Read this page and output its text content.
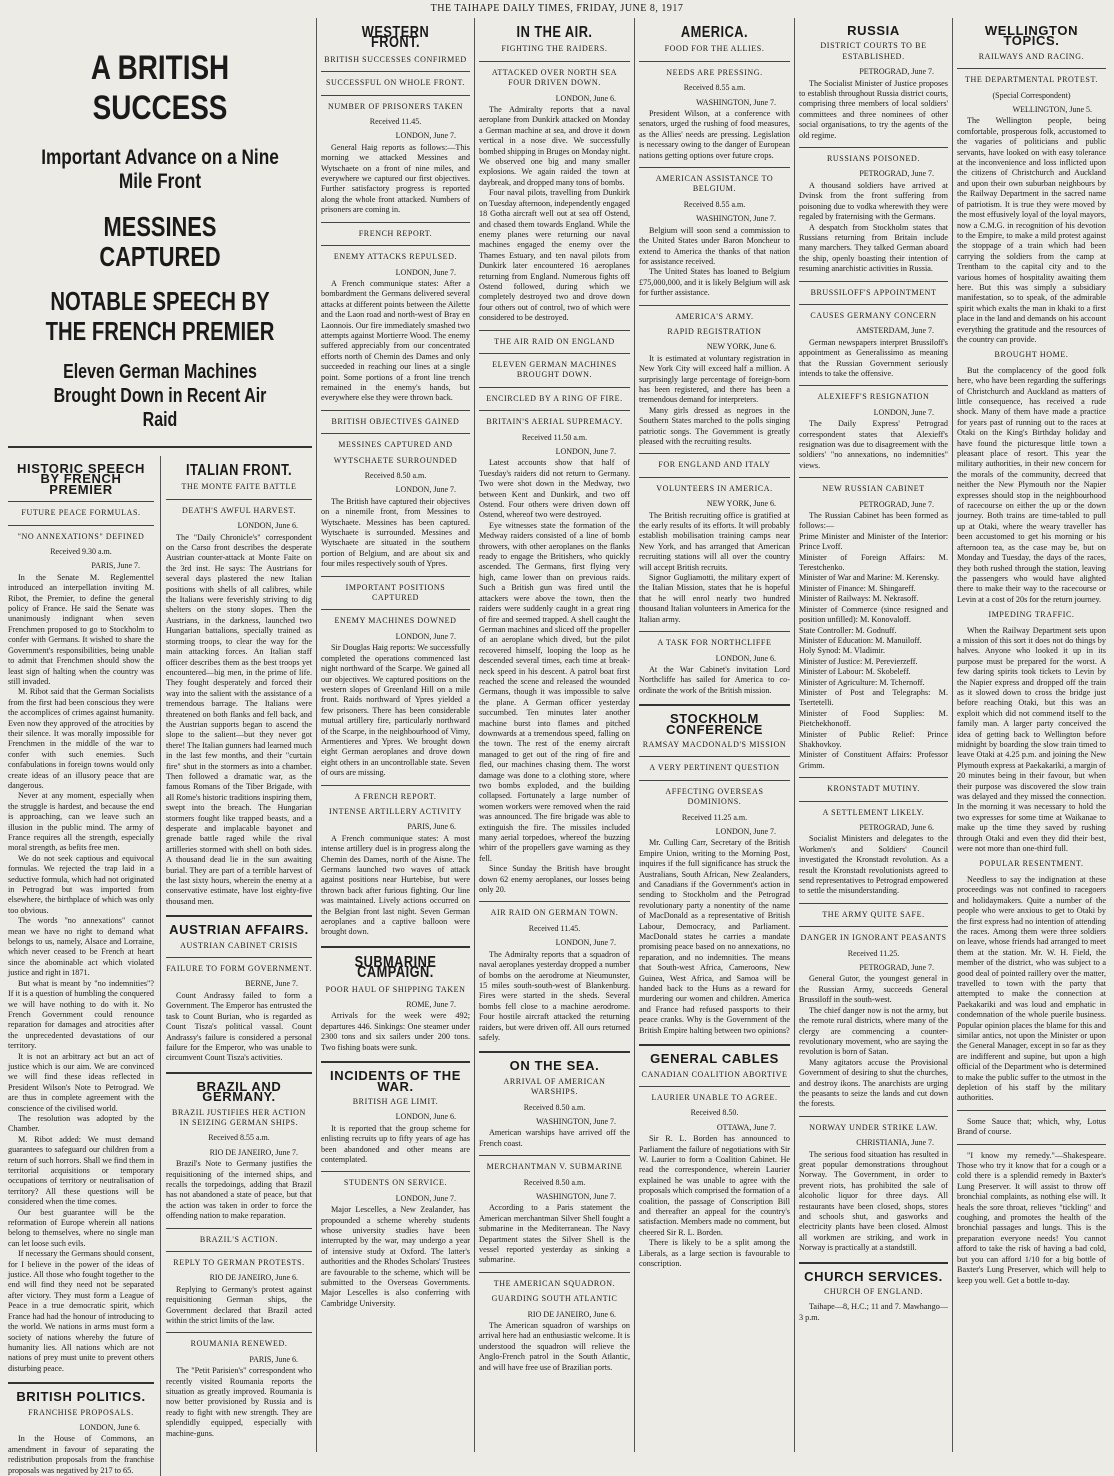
THE TAIHAPE DAILY TIMES, FRIDAY, JUNE 8, 1917
A BRITISH SUCCESS
Important Advance on a Nine Mile Front
MESSINES CAPTURED
NOTABLE SPEECH BY THE FRENCH PREMIER
Eleven German Machines Brought Down in Recent Air Raid
HISTORIC SPEECH BY FRENCH PREMIER
FUTURE PEACE FORMULAS.
"NO ANNEXATIONS" DEFINED
Received 9.30 a.m.
PARIS, June 7.

In the Senate M. Reglementtel introduced an interpellation inviting M. Ribot, the Premier, to define the general policy of France. He said the Senate was unanimously indignant when seven Frenchmen proposed to go to Stockholm to confer with Germans. It wished to share the Government's responsibilities, being unable to admit that Frenchmen should show the least sign of halting when the country was still invaded.

M. Ribot said that the German Socialists from the first had been conscious they were the accomplices of crimes against humanity. Even now they approved of the atrocities by their silence. It was morally impossible for Frenchmen in the middle of the war to confer with such enemies. Such confabulations in foreign towns would only create ideas of an illusory peace that are dangerous.

Never at any moment, especially when the struggle is hardest, and because the end is approaching, can we leave such an illusion in the public mind. The army of France requires all the strength, especially moral strength, as befits free men.

We do not seek captious and equivocal formulas. We rejected the trap laid in a seductive formula, which had not originated in Petrograd but was imported from elsewhere, the birthplace of which was only too obvious.

The words "no annexations" cannot mean we have no right to demand what belongs to us, namely, Alsace and Lorraine, which never ceased to be French at heart since the abominable act which violated justice and right in 1871.

But what is meant by "no indemnities"? If it is a question of humbling the conquered we will have nothing to do with it. No French Government could renounce reparation for damages and atrocities after the unprecedented devastations of our territory.

It is not an arbitrary act but an act of justice which is our aim. We are convinced we will find these ideas reflected in President Wilson's Note to Petrograd. We are thus in complete agreement with the conscience of the civilised world.

The resolution was adopted by the Chamber.

M. Ribot added: We must demand guarantees to safeguard our children from a return of such horrors. Shall we find them in territorial acquisitions or temporary occupations of territory or neutralisation of territory? All these questions will be considered when the time comes.

Our best guarantee will be the reformation of Europe wherein all nations belong to themselves, where no single man can let loose such evils.

If necessary the Germans should consent, for I believe in the power of the ideas of justice. All those who fought together to the end will find they need not be separated after victory. They must form a League of Peace in a true democratic spirit, which France had had the honour of introducing to the world. We nations in arms must form a society of nations whereby the future of humanity lies. All nations which are not nations of prey must unite to prevent others disturbing peace.

BRITISH POLITICS.
FRANCHISE PROPOSALS.
LONDON, June 6.

In the House of Commons, an amendment in favour of separating the redistribution proposals from the franchise proposals was negatived by 217 to 65.

ITALIAN FRONT.
THE MONTE FAITE BATTLE
DEATH'S AWFUL HARVEST.
LONDON, June 6.

The "Daily Chronicle's" correspondent on the Carso front describes the desperate Austrian counter-attack at Monte Faite on the 3rd inst. He says: The Austrians for several days plastered the new Italian positions with shells of all calibres, while the Italians were feverishly striving to dig shelters on the stony slopes. Then the Austrians, in the darkness, launched two Hungarian battalions, specially trained as storming troops, to clear the way for the main attacking forces. An Italian staff officer describes them as the best troops yet encountered—big men, in the prime of life. They fought desperately and forced their way into the salient with the assistance of a tremendous barrage. The Italians were threatened on both flanks and fell back, and the Austrian supports began to ascend the slope to the salient—but they never got there! The Italian gunners had learned much in the last few months, and their "curtain fire" shut in the stormers as into a chamber. Then followed a dramatic war, as the famous Romans of the Tiber Brigade, with all Rome's historic traditions inspiring them, swept into the breach. The Hungarian stormers fought like trapped beasts, and a desperate and implacable bayonet and grenade battle raged while the rival artilleries stormed with shell on both sides. A thousand dead lie in the sun awaiting burial. They are part of a terrible harvest of the last sixty hours, wherein the enemy at a conservative estimate, have lost eighty-five thousand men.

AUSTRIAN AFFAIRS.
AUSTRIAN CABINET CRISIS
FAILURE TO FORM GOVERNMENT.
BERNE, June 7.

Count Andrassy failed to form a Government. The Emperor has entrusted the task to Count Burian, who is regarded as Count Tisza's political vassal. Count Andrassy's failure is considered a personal failure for the Emperor, who was unable to circumvent Count Tisza's activities.

BRAZIL AND GERMANY.
BRAZIL JUSTIFIES HER ACTION IN SEIZING GERMAN SHIPS.
Received 8.55 a.m.
RIO DE JANEIRO, June 7.

Brazil's Note to Germany justifies the requisitioning of the interned ships, and recalls the torpedoings, adding that Brazil has not abandoned a state of peace, but that the action was taken in order to force the offending nation to make reparation.

BRAZIL'S ACTION.
REPLY TO GERMAN PROTESTS.
RIO DE JANEIRO, June 6.

Replying to Germany's protest against requisitioning German ships, the Government declared that Brazil acted within the strict limits of the law.

ROUMANIA RENEWED.
PARIS, June 6.

The "Petit Parisien's" correspondent who recently visited Roumania reports the situation as greatly improved. Roumania is now better provisioned by Russia and is ready to fight with new strength. They are splendidly equipped, especially with machine-guns.

WESTERN FRONT.
BRITISH SUCCESSES CONFIRMED
SUCCESSFUL ON WHOLE FRONT.
NUMBER OF PRISONERS TAKEN
Received 11.45.
LONDON, June 7.

General Haig reports as follows:—This morning we attacked Messines and Wytschaete on a front of nine miles, and everywhere we captured our first objectives. Further satisfactory progress is reported along the whole front attacked. Numbers of prisoners are coming in.

FRENCH REPORT.
ENEMY ATTACKS REPULSED.
LONDON, June 7.

A French communique states: After a bombardment the Germans delivered several attacks at different points between the Ailette and the Laon road and north-west of Bray en Laonnois. Our fire immediately smashed two attempts against Mortierre Wood. The enemy suffered appreciably from our concentrated efforts north of Chemin des Dames and only succeeded in reaching our lines at a single point. Some portions of a front line trench remained in the enemy's hands, but everywhere else they were thrown back.

BRITISH OBJECTIVES GAINED
MESSINES CAPTURED AND
WYTSCHAETE SURROUNDED
Received 8.50 a.m.
LONDON, June 7.

The British have captured their objectives on a ninemile front, from Messines to Wytschaete. Messines has been captured. Wytschaete is surrounded. Messines and Wytschaete are situated in the southern portion of Belgium, and are about six and four miles respectively south of Ypres.

IMPORTANT POSITIONS CAPTURED
ENEMY MACHINES DOWNED
LONDON, June 7.

Sir Douglas Haig reports: We successfully completed the operations commenced last night northward of the Scarpe. We gained all our objectives. We captured positions on the western slopes of Greenland Hill on a mile front. Raids northward of Ypres yielded a few prisoners. There has been considerable mutual artillery fire, particularly northward of the Scarpe, in the neighbourhood of Vimy, Armentieres and Ypres. We brought down eight German aeroplanes and drove down eight others in an uncontrollable state. Seven of ours are missing.

A FRENCH REPORT.
INTENSE ARTILLERY ACTIVITY
PARIS, June 6.

A French communique states: A most intense artillery duel is in progress along the Chemin des Dames, north of the Aisne. The Germans launched two waves of attack against positions near Hurtebise, but were thrown back after furious fighting. Our line was maintained. Lively actions occurred on the Belgian front last night. Seven German aeroplanes and a captive balloon were brought down.

SUBMARINE CAMPAIGN.
POOR HAUL OF SHIPPING TAKEN
ROME, June 7.

Arrivals for the week were 492; departures 446. Sinkings: One steamer under 2300 tons and six sailers under 200 tons. Two fishing boats were sunk.

INCIDENTS OF THE WAR.
BRITISH AGE LIMIT.
LONDON, June 6.

It is reported that the group scheme for enlisting recruits up to fifty years of age has been abandoned and other means are contemplated.

STUDENTS ON SERVICE.
LONDON, June 7.

Major Lescelles, a New Zealander, has propounded a scheme whereby students whose university studies have been interrupted by the war, may undergo a year of intensive study at Oxford. The latter's authorities and the Rhodes Scholars' Trustees are favourable to the scheme, which will be submitted to the Overseas Governments. Major Lescelles is also conferring with Cambridge University.

IN THE AIR.
FIGHTING THE RAIDERS.
ATTACKED OVER NORTH SEA FOUR DRIVEN DOWN.
LONDON, June 6.

The Admiralty reports that a naval aeroplane from Dunkirk attacked on Monday a German machine at sea, and drove it down vertical in a nose dive. We successfully bombed shipping in Bruges on Monday night. We observed one big and many smaller explosions. We again raided the town at daybreak, and dropped many tons of bombs.

Four naval pilots, travelling from Dunkirk on Tuesday afternoon, independently engaged 18 Gotha aircraft well out at sea off Ostend, and chased them towards England. While the enemy planes were returning our naval machines engaged the enemy over the Thames Estuary, and ten naval pilots from Dunkirk later encountered 16 aeroplanes returning from England. Numerous fights off Ostend followed, during which we completely destroyed two and drove down four others out of control, two of which were considered to be destroyed.

THE AIR RAID ON ENGLAND
ELEVEN GERMAN MACHINES BROUGHT DOWN.
ENCIRCLED BY A RING OF FIRE.
BRITAIN'S AERIAL SUPREMACY.
Received 11.50 a.m.
LONDON, June 7.

Latest accounts show that half of Tuesday's raiders did not return to Germany. Two were shot down in the Medway, two between Kent and Dunkirk, and two off Ostend. Four others were driven down off Ostend, whereof two were destroyed.

Eye witnesses state the formation of the Medway raiders consisted of a line of bomb throwers, with other aeroplanes on the flanks ready to engage the Britishers, who quickly ascended. The Germans, first flying very high, came lower than on previous raids. Such a British gun was fired until the attackers were above the town, then the raiders were suddenly caught in a great ring of fire and seemed trapped. A shell caught the German machines and sliced off the propeller of an aeroplane which dived, but the pilot recovered himself, looping the loop as he descended several times, each time at break-neck speed in his descent. A patrol boat first reached the scene and released the wounded Germans, though it was impossible to salve the plane. A German officer yesterday succumbed. Ten minutes later another machine burst into flames and pitched downwards at a tremendous speed, falling on the town. The rest of the enemy aircraft managed to get out of the ring of fire and fled, our machines chasing them. The worst damage was done to a clothing store, where two bombs exploded, and the building collapsed. Fortunately a large number of women workers were removed when the raid was announced. The fire brigade was able to extinguish the fire. The missiles included many aerial torpedoes, whereof the buzzing whirr of the propellers gave warning as they fell.

Since Sunday the British have brought down 62 enemy aeroplanes, our losses being only 20.

AIR RAID ON GERMAN TOWN.
Received 11.45.
LONDON, June 7.

The Admiralty reports that a squadron of naval aeroplanes yesterday dropped a number of bombs on the aerodrome at Nieumunster, 15 miles south-south-west of Blankenburg. Fires were started in the sheds. Several bombs fell close to a machine aerodrome. Four hostile aircraft attacked the returning raiders, but were driven off. All ours returned safely.

ON THE SEA.
ARRIVAL OF AMERICAN WARSHIPS.
Received 8.50 a.m.
WASHINGTON, June 7.

American warships have arrived off the French coast.

MERCHANTMAN V. SUBMARINE
Received 8.50 a.m.
WASHINGTON, June 7.

According to a Paris statement the American merchantman Silver Shell fought a submarine in the Mediterranean. The Navy Department states the Silver Shell is the vessel reported yesterday as sinking a submarine.

THE AMERICAN SQUADRON.
GUARDING SOUTH ATLANTIC
RIO DE JANEIRO, June 6.

The American squadron of warships on arrival here had an enthusiastic welcome. It is understood the squadron will relieve the Anglo-French patrol in the South Atlantic, and will have free use of Brazilian ports.

AMERICA.
FOOD FOR THE ALLIES.
NEEDS ARE PRESSING.
Received 8.55 a.m.
WASHINGTON, June 7.

President Wilson, at a conference with senators, urged the rushing of food measures, as the Allies' needs are pressing. Legislation is necessary owing to the danger of European nations getting options over future crops.

AMERICAN ASSISTANCE TO BELGIUM.
Received 8.55 a.m.
WASHINGTON, June 7.

Belgium will soon send a commission to the United States under Baron Moncheur to extend to America the thanks of that nation for assistance received.

The United States has loaned to Belgium £75,000,000, and it is likely Belgium will ask for further assistance.

AMERICA'S ARMY.
RAPID REGISTRATION
NEW YORK, June 6.

It is estimated at voluntary registration in New York City will exceed half a million. A surprisingly large percentage of foreign-born has been registered, and there has been a tremendous demand for interpreters.

Many girls dressed as negroes in the Southern States marched to the polls singing patriotic songs. The Government is greatly pleased with the recruiting results.

FOR ENGLAND AND ITALY
VOLUNTEERS IN AMERICA.
NEW YORK, June 6.

The British recruiting office is gratified at the early results of its efforts. It will probably establish mobilisation training camps near New York, and has arranged that American recruiting stations will all over the country will accept British recruits.

Signor Gugliamotti, the military expert of the Italian Mission, states that he is hopeful that he will enrol nearly two hundred thousand Italian volunteers in America for the Italian army.

A TASK FOR NORTHCLIFFE
LONDON, June 6.

At the War Cabinet's invitation Lord Northcliffe has sailed for America to co-ordinate the work of the British mission.

STOCKHOLM CONFERENCE
RAMSAY MACDONALD'S MISSION
A VERY PERTINENT QUESTION
AFFECTING OVERSEAS DOMINIONS.
Received 11.25 a.m.
LONDON, June 7.

Mr. Culling Carr, Secretary of the British Empire Union, writing to the Morning Post, inquires if the full significance has struck the Australians, South African, New Zealanders, and Canadians if the Government's action in sending to Stockholm and the Petrograd revolutionary party a nonentity of the name of MacDonald as a representative of British Labour, Democracy, and Parliament. MacDonald states he carries a mandate promising peace based on no annexations, no reparation, and no indemnities. The means that South-west Africa, Cameroons, New Guinea, West Africa, and Samoa will be handed back to the Huns as a reward for murdering our women and children. America and France had refused passports to their peace cranks. Why is the Government of the British Empire halting between two opinions?

GENERAL CABLES
CANADIAN COALITION ABORTIVE
LAURIER UNABLE TO AGREE.
Received 8.50.
OTTAWA, June 7.

Sir R. L. Borden has announced to Parliament the failure of negotiations with Sir W. Laurier to form a Coalition Cabinet. He read the correspondence, wherein Laurier explained he was unable to agree with the proposals which comprised the formation of a coalition, the passage of Conscription Bill and thereafter an appeal for the country's satisfaction. Members made no comment, but cheered Sir R. L. Borden.

There is likely to be a split among the Liberals, as a large section is favourable to conscription.

RUSSIA
DISTRICT COURTS TO BE ESTABLISHED.
PETROGRAD, June 7.

The Socialist Minister of Justice proposes to establish throughout Russia district courts, comprising three members of local soldiers' committees and three nominees of other social organisations, to try the agents of the old regime.

RUSSIANS POISONED.
PETROGRAD, June 7.

A thousand soldiers have arrived at Dvinsk from the front suffering from poisoning due to vodka wherewith they were regaled by fraternising with the Germans.

A despatch from Stockholm states that Russians returning from Britain include many marchers. They talked German aboard the ship, openly boasting their intention of resuming anarchistic activities in Russia.

BRUSSILOFF'S APPOINTMENT
CAUSES GERMANY CONCERN
AMSTERDAM, June 7.

German newspapers interpret Brussiloff's appointment as Generalissimo as meaning that the Russian Government seriously intends to take the offensive.

ALEXIEFF'S RESIGNATION
LONDON, June 7.

The Daily Express' Petrograd correspondent states that Alexieff's resignation was due to disagreement with the soldiers' "no annexations, no indemnities" views.

NEW RUSSIAN CABINET
PETROGRAD, June 7.

The Russian Cabinet has been formed as follows:—

Prime Minister and Minister of the Interior: Prince Lvoff.
Minister of Foreign Affairs: M. Terestchenko.
Minister of War and Marine: M. Kerensky.
Minister of Finance: M. Shingareff.
Minister of Railways: M. Nekrasoff.
Minister of Commerce (since resigned and position unfilled): M. Konovaloff.
State Controller: M. Godnuff.
Minister of Education: M. Manuiloff.
Holy Synod: M. Vladimir.
Minister of Justice: M. Perevierzeff.
Minister of Labour: M. Skobeleff.
Minister of Agriculture: M. Tchernoff.
Minister of Post and Telegraphs: M. Tsertetelli.
Minister of Food Supplies: M. Pietchekhonoff.
Minister of Public Relief: Prince Shakhovkoy.
Minister of Constituent Affairs: Professor Grimm.
KRONSTADT MUTINY.
A SETTLEMENT LIKELY.
PETROGRAD, June 6.

Socialist Ministers and delegates to the Workmen's and Soldiers' Council investigated the Kronstadt revolution. As a result the Kronstadt revolutionists agreed to send representatives to Petrograd empowered to settle the misunderstanding.

THE ARMY QUITE SAFE.
DANGER IN IGNORANT PEASANTS
Received 11.25.
PETROGRAD, June 7.

General Gutor, the youngest general in the Russian Army, succeeds General Brussiloff in the south-west.

The chief danger now is not the army, but the remote rural districts, where many of the clergy are commencing a counter-revolutionary movement, who are saying the revolution is born of Satan.

Many agitators accuse the Provisional Government of desiring to shut the churches, and destroy ikons. The anarchists are urging the peasants to seize the lands and cut down the forests.

NORWAY UNDER STRIKE LAW.
CHRISTIANIA, June 7.

The serious food situation has resulted in great popular demonstrations throughout Norway. The Government, in order to prevent riots, has prohibited the sale of alcoholic liquor for three days. All restaurants have been closed, shops, stores and schools shut, and gasworks and electricity plants have been closed. Almost all workmen are striking, and work in Norway is practically at a standstill.

CHURCH SERVICES.
CHURCH OF ENGLAND.

Taihape—8, H.C.; 11 and 7. Mawhango—3 p.m.

WELLINGTON TOPICS.
RAILWAYS AND RACING.
THE DEPARTMENTAL PROTEST.
(Special Correspondent)
WELLINGTON, June 5.

The Wellington people, being comfortable, prosperous folk, accustomed to the vagaries of politicians and public servants, have looked on with easy tolerance at the inconvenience and loss inflicted upon the citizens of Christchurch and Auckland and upon their own suburban neighbours by the Railway Department in the sacred name of patriotism. It is true they were moved by the most effusively loyal of the loyal mayors, now a C.M.G. in recognition of his devotion to the Empire, to make a mild protest against the stoppage of a train which had been carrying the soldiers from the camp at Trentham to the capital city and to the various homes of hospitality awaiting them here. But this was simply a subsidiary manifestation, so to speak, of the admirable spirit which exalts the man in khaki to a first place in the land and demands on his account everything the gratitude and the resources of the country can provide.

BROUGHT HOME.

But the complacency of the good folk here, who have been regarding the sufferings of Christchurch and Auckland as matters of little consequence, has received a rude shock. Many of them have made a practice for years past of running out to the races at Otaki on the King's Birthday holiday and have found the picturesque little town a pleasant place of resort. This year the military authorities, in their new concern for the morals of the community, decreed that neither the New Plymouth nor the Napier expresses should stop in the neighbourhood of racecourse on either the up or the down journey. Both trains are time-tabled to pull up at Otaki, where the weary traveller has been accustomed to get his morning or his afternoon tea, as the case may be, but on Monday and Tuesday, the days of the races, they both rushed through the station, leaving the passengers who would have alighted there to make their way to the racecourse or Levin at a cost of 20s for the return journey.

IMPEDING TRAFFIC.

When the Railway Department sets upon a mission of this sort it does not do things by halves. Anyone who looked it up in its purpose must be prepared for the worst. A few daring spirits took tickets to Levin by the Napier express and dropped off the train as it slowed down to cross the bridge just before reaching Otaki, but this was an exploit which did not commend itself to the family man. A larger party conceived the idea of getting back to Wellington before midnight by boarding the slow train timed to leave Otaki at 4.25 p.m. and joining the New Plymouth express at Paekakariki, a margin of 20 minutes being in their favour, but when their purpose was discovered the slow train was delayed and they missed the connection. In the morning it was necessary to hold the two expresses for some time at Waikanae to make up the time they saved by rushing through Otaki and even they did their best, were not more than one-third full.

POPULAR RESENTMENT.

Needless to say the indignation at these proceedings was not confined to racegoers and holidaymakers. Quite a number of the people who were anxious to get to Otaki by the first express had no intention of attending the races. Among them were three soldiers on leave, whose friends had arranged to meet them at the station. Mr. W. H. Field, the member of the district, who was subject to a good deal of pointed raillery over the matter, travelled to town with the party that attempted to make the connection at Paekakariki and was loud and emphatic in condemnation of the whole puerile business. Popular opinion places the blame for this and similar antics, not upon the Minister or upon the General Manager, except in so far as they are indifferent and supine, but upon a high official of the Department who is determined to make the public suffer to the utmost in the depletion of his staff by the military authorities.

Some Sauce that; which, why, Lotus Brand of course.

"I know my remedy."—Shakespeare. Those who try it know that for a cough or a cold there is a splendid remedy in Baxter's Lung Preserver. It will assist to throw off bronchial complaints, as nothing else will. It heals the sore throat, relieves "tickling" and coughing, and promotes the health of the bronchial passages and lungs. This is the preparation everyone needs! You cannot afford to take the risk of having a bad cold, but you can afford 1/10 for a big bottle of Baxter's Lung Preserver, which will help to keep you well. Get a bottle to-day.
